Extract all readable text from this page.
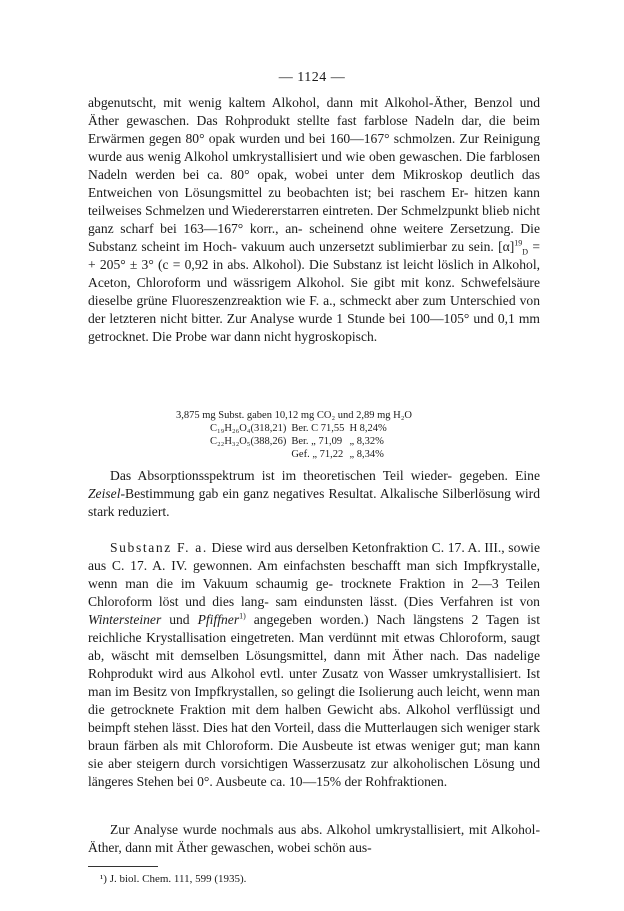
— 1124 —

abgenutscht, mit wenig kaltem Alkohol, dann mit Alkohol-Äther, Benzol und Äther gewaschen. Das Rohprodukt stellte fast farblose Nadeln dar, die beim Erwärmen gegen 80° opak wurden und bei 160—167° schmolzen. Zur Reinigung wurde aus wenig Alkohol umkrystallisiert und wie oben gewaschen. Die farblosen Nadeln werden bei ca. 80° opak, wobei unter dem Mikroskop deutlich das Entweichen von Lösungsmittel zu beobachten ist; bei raschem Er- hitzen kann teilweises Schmelzen und Wiedererstarren eintreten. Der Schmelzpunkt blieb nicht ganz scharf bei 163—167° korr., an- scheinend ohne weitere Zersetzung. Die Substanz scheint im Hoch- vakuum auch unzersetzt sublimierbar zu sein. $[\alpha]^{19}_D$ = + 205° ± 3° (c = 0,92 in abs. Alkohol). Die Substanz ist leicht löslich in Alkohol, Aceton, Chloroform und wässrigem Alkohol. Sie gibt mit konz. Schwefelsäure dieselbe grüne Fluoreszenzreaktion wie F. a., schmeckt aber zum Unterschied von der letzteren nicht bitter. Zur Analyse wurde 1 Stunde bei 100—105° und 0,1 mm getrocknet. Die Probe war dann nicht hygroskopisch.

3,875 mg Subst. gaben 10,12 mg CO₂ und 2,89 mg H₂O
C₁₉H₂₆O₄(318,21)	Ber. C 71,55	H 8,24%
C₂₂H₃₂O₅(388,26)	Ber. „ 71,09	„ 8,32%
	Gef. „ 71,22	„ 8,34%

Das Absorptionsspektrum ist im theoretischen Teil wieder- gegeben. Eine Zeisel-Bestimmung gab ein ganz negatives Resultat. Alkalische Silberlösung wird stark reduziert.

Substanz F. a. Diese wird aus derselben Ketonfraktion C. 17. A. III., sowie aus C. 17. A. IV. gewonnen. Am einfachsten beschafft man sich Impfkrystalle, wenn man die im Vakuum schaumig ge- trocknete Fraktion in 2—3 Teilen Chloroform löst und dies lang- sam eindunsten lässt. (Dies Verfahren ist von Wintersteiner und Pfiffner$^{1)}$ angegeben worden.) Nach längstens 2 Tagen ist reichliche Krystallisation eingetreten. Man verdünnt mit etwas Chloroform, saugt ab, wäscht mit demselben Lösungsmittel, dann mit Äther nach. Das nadelige Rohprodukt wird aus Alkohol evtl. unter Zusatz von Wasser umkrystallisiert. Ist man im Besitz von Impfkrystallen, so gelingt die Isolierung auch leicht, wenn man die getrocknete Fraktion mit dem halben Gewicht abs. Alkohol verflüssigt und beimpft stehen lässt. Dies hat den Vorteil, dass die Mutterlaugen sich weniger stark braun färben als mit Chloroform. Die Ausbeute ist etwas weniger gut; man kann sie aber steigern durch vorsichtigen Wasserzusatz zur alkoholischen Lösung und längeres Stehen bei 0°. Ausbeute ca. 10—15% der Rohfraktionen.

Zur Analyse wurde nochmals aus abs. Alkohol umkrystallisiert, mit Alkohol-Äther, dann mit Äther gewaschen, wobei schön aus-

¹) J. biol. Chem. 111, 599 (1935).
